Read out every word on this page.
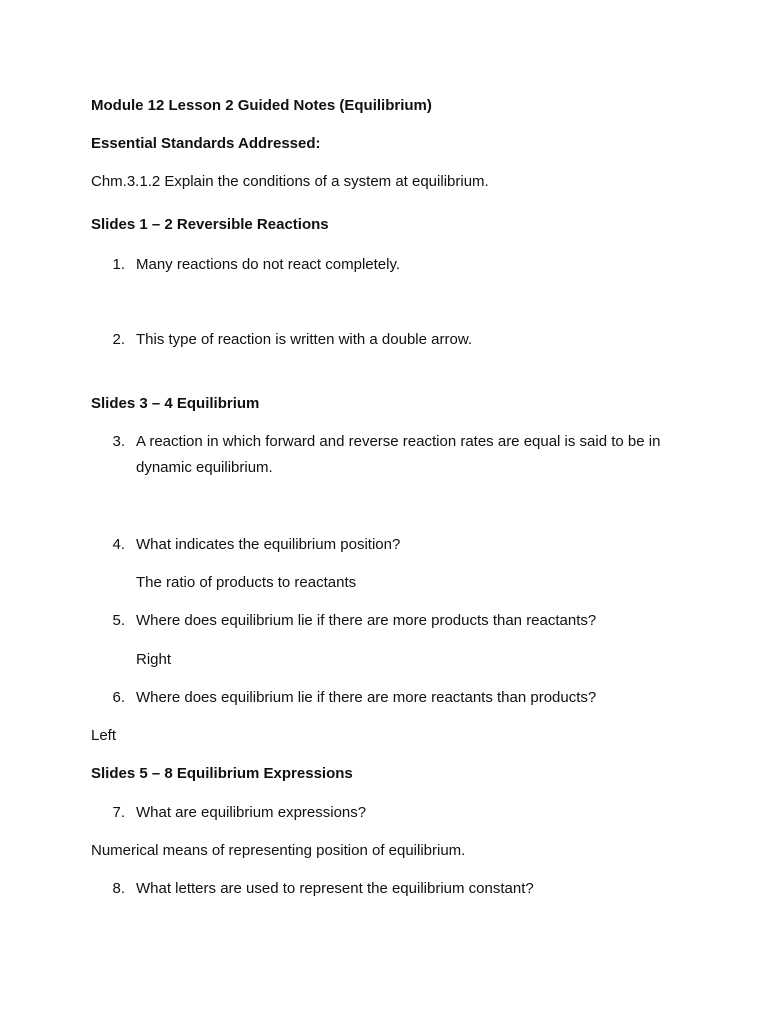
Module 12 Lesson 2 Guided Notes (Equilibrium)
Essential Standards Addressed:
Chm.3.1.2 Explain the conditions of a system at equilibrium.
Slides 1 – 2 Reversible Reactions
1. Many reactions do not react completely.
2. This type of reaction is written with a double arrow.
Slides 3 – 4 Equilibrium
3. A reaction in which forward and reverse reaction rates are equal is said to be in dynamic equilibrium.
4. What indicates the equilibrium position?
The ratio of products to reactants
5. Where does equilibrium lie if there are more products than reactants?
Right
6. Where does equilibrium lie if there are more reactants than products?
Left
Slides 5 – 8 Equilibrium Expressions
7. What are equilibrium expressions?
Numerical means of representing position of equilibrium.
8. What letters are used to represent the equilibrium constant?
